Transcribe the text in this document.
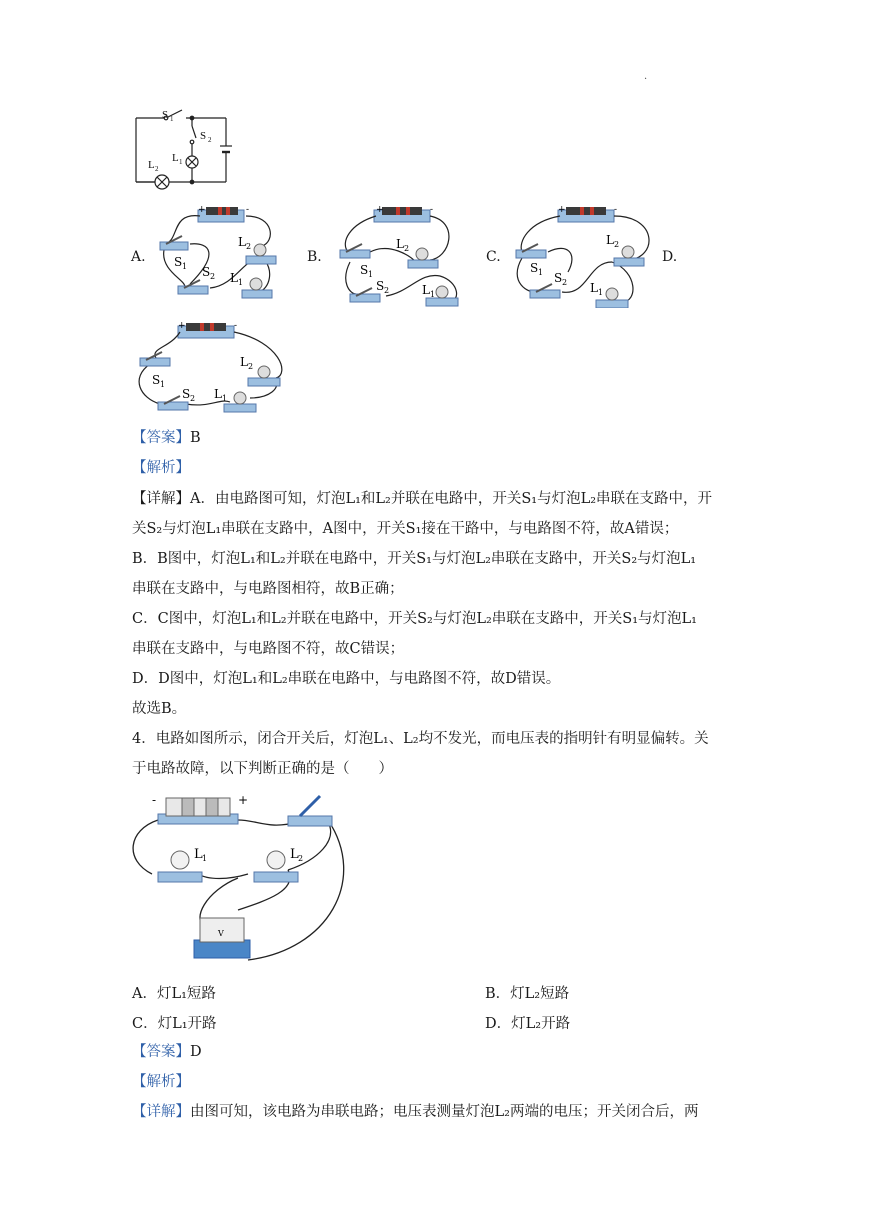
·
S 1
S 2
L 1
L 2
A.	B.	C.	D.
+	-
L 2
S 1 S 2 L 1
+	-
L 2
S 1
S 2	L 1
+	-
L 2
S 1 S 2 L 1
+	-
L 2
S 1
S 2 L 1
【答案】B
【解析】
【详解】A．由电路图可知，灯泡L₁和L₂并联在电路中，开关S₁与灯泡L₂串联在支路中，开
关S₂与灯泡L₁串联在支路中，A图中，开关S₁接在干路中，与电路图不符，故A错误；
B．B图中，灯泡L₁和L₂并联在电路中，开关S₁与灯泡L₂串联在支路中，开关S₂与灯泡L₁
串联在支路中，与电路图相符，故B正确；
C．C图中，灯泡L₁和L₂并联在电路中，开关S₂与灯泡L₂串联在支路中，开关S₁与灯泡L₁
串联在支路中，与电路图不符，故C错误；
D．D图中，灯泡L₁和L₂串联在电路中，与电路图不符，故D错误。
故选B。
4．电路如图所示，闭合开关后，灯泡L₁、L₂均不发光，而电压表的指明针有明显偏转。关
于电路故障，以下判断正确的是（　　）
-	+
L 1	L 2
V
A．灯L₁短路	B．灯L₂短路
C．灯L₁开路	D．灯L₂开路
【答案】D
【解析】
【详解】由图可知，该电路为串联电路；电压表测量灯泡L₂两端的电压；开关闭合后，两
